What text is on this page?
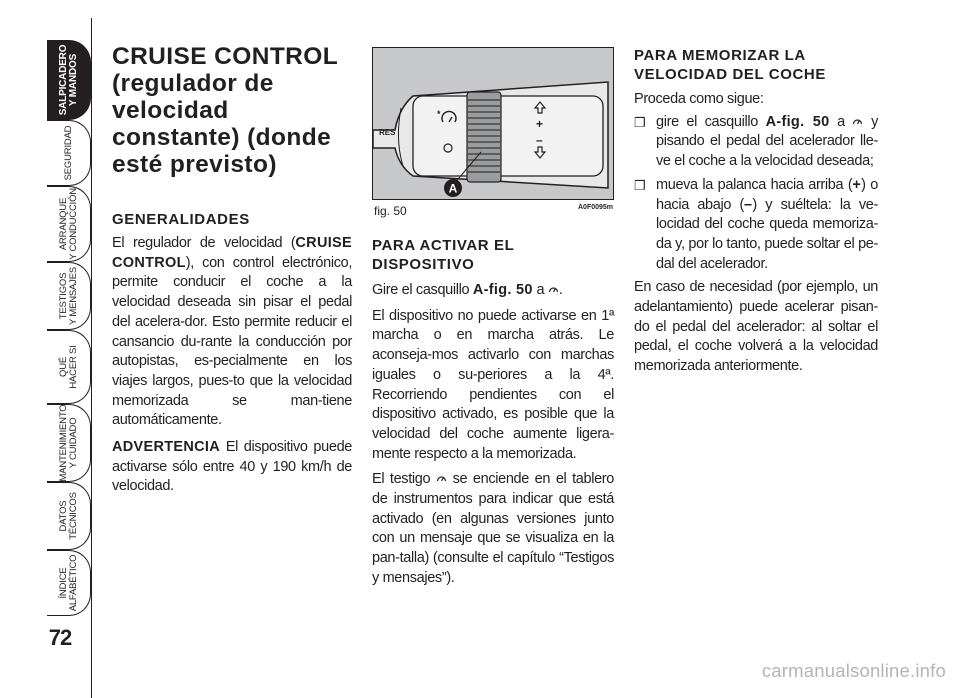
SALPICADERO
Y MANDOS
SEGURIDAD
ARRANQUE
Y CONDUCCIÓN
TESTIGOS
Y MENSAJES
QUÉ
HACER SI
MANTENIMIENTO
Y CUIDADO
DATOS
TÉCNICOS
ÍNDICE
ALFABÉTICO
72
CRUISE CONTROL (regulador de velocidad constante) (donde esté previsto)
GENERALIDADES

El regulador de velocidad (CRUISE CONTROL), con control electrónico, permite conducir el coche a la velocidad deseada sin pisar el pedal del acelera-dor. Esto permite reducir el cansancio du-rante la conducción por autopistas, es-pecialmente en los viajes largos, pues-to que la velocidad memorizada se man-tiene automáticamente.

ADVERTENCIA El dispositivo puede activarse sólo entre 40 y 190 km/h de velocidad.

*
+
–
RES
A
fig. 50	A0F0095m
PARA ACTIVAR EL DISPOSITIVO

Gire el casquillo A-fig. 50 a .

El dispositivo no puede activarse en 1ª marcha o en marcha atrás. Le aconseja-mos activarlo con marchas iguales o su-periores a la 4ª. Recorriendo pendientes con el dispositivo activado, es posible que la velocidad del coche aumente ligera-mente respecto a la memorizada.

El testigo  se enciende en el tablero de instrumentos para indicar que está activado (en algunas versiones junto con un mensaje que se visualiza en la pan-talla) (consulte el capítulo “Testigos y mensajes”).

PARA MEMORIZAR LA VELOCIDAD DEL COCHE

Proceda como sigue:

❒ gire el casquillo A-fig. 50 a  y pisando el pedal del acelerador lle-ve el coche a la velocidad deseada;

❒ mueva la palanca hacia arriba (+) o hacia abajo (–) y suéltela: la ve-locidad del coche queda memoriza-da y, por lo tanto, puede soltar el pe-dal del acelerador.

En caso de necesidad (por ejemplo, un adelantamiento) puede acelerar pisan-do el pedal del acelerador: al soltar el pedal, el coche volverá a la velocidad memorizada anteriormente.

carmanualsonline.info
